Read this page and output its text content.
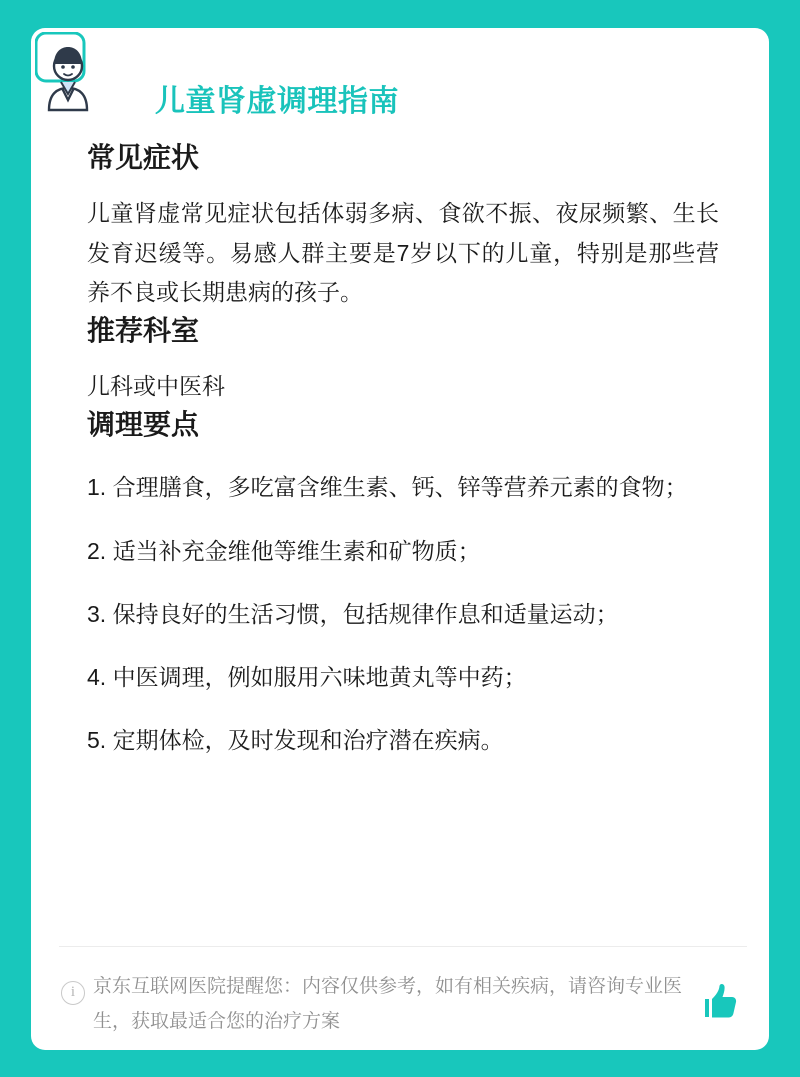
儿童肾虚调理指南
常见症状

儿童肾虚常见症状包括体弱多病、食欲不振、夜尿频繁、生长发育迟缓等。易感人群主要是7岁以下的儿童，特别是那些营养不良或长期患病的孩子。

推荐科室

儿科或中医科

调理要点

1. 合理膳食，多吃富含维生素、钙、锌等营养元素的食物；

2. 适当补充金维他等维生素和矿物质；

3. 保持良好的生活习惯，包括规律作息和适量运动；

4. 中医调理，例如服用六味地黄丸等中药；

5. 定期体检，及时发现和治疗潜在疾病。

i 京东互联网医院提醒您：内容仅供参考，如有相关疾病，请咨询专业医生，获取最适合您的治疗方案
